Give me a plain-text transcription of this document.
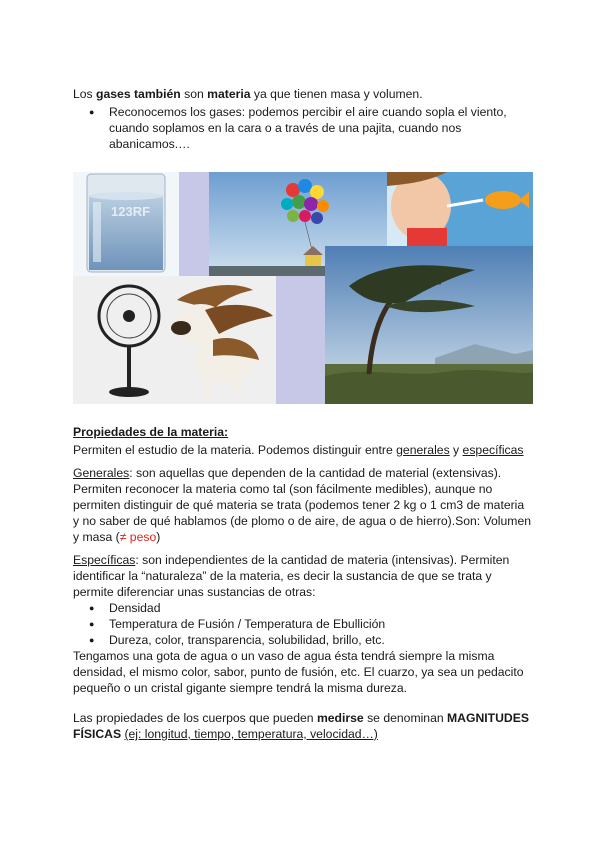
Los gases también son materia ya que tienen masa y volumen.

● Reconocemos los gases: podemos percibir el aire cuando sopla el viento, cuando soplamos en la cara o a través de una pajita, cuando nos abanicamos.…
123RF

Propiedades de la materia:

Permiten el estudio de la materia. Podemos distinguir entre generales y específicas

Generales: son aquellas que dependen de la cantidad de material (extensivas). Permiten reconocer la materia como tal (son fácilmente medibles), aunque no permiten distinguir de qué materia se trata (podemos tener 2 kg o 1 cm3 de materia y no saber de qué hablamos (de plomo o de aire, de agua o de hierro).Son: Volumen y masa (≠ peso)

Específicas: son independientes de la cantidad de materia (intensivas). Permiten identificar la “naturaleza” de la materia, es decir la sustancia de que se trata y permite diferenciar unas sustancias de otras:

● Densidad
● Temperatura de Fusión / Temperatura de Ebullición
● Dureza, color, transparencia, solubilidad, brillo, etc.

Tengamos una gota de agua o un vaso de agua ésta tendrá siempre la misma densidad, el mismo color, sabor, punto de fusión, etc. El cuarzo, ya sea un pedacito pequeño o un cristal gigante siempre tendrá la misma dureza.

Las propiedades de los cuerpos que pueden medirse se denominan MAGNITUDES FÍSICAS (ej: longitud, tiempo, temperatura, velocidad…)
